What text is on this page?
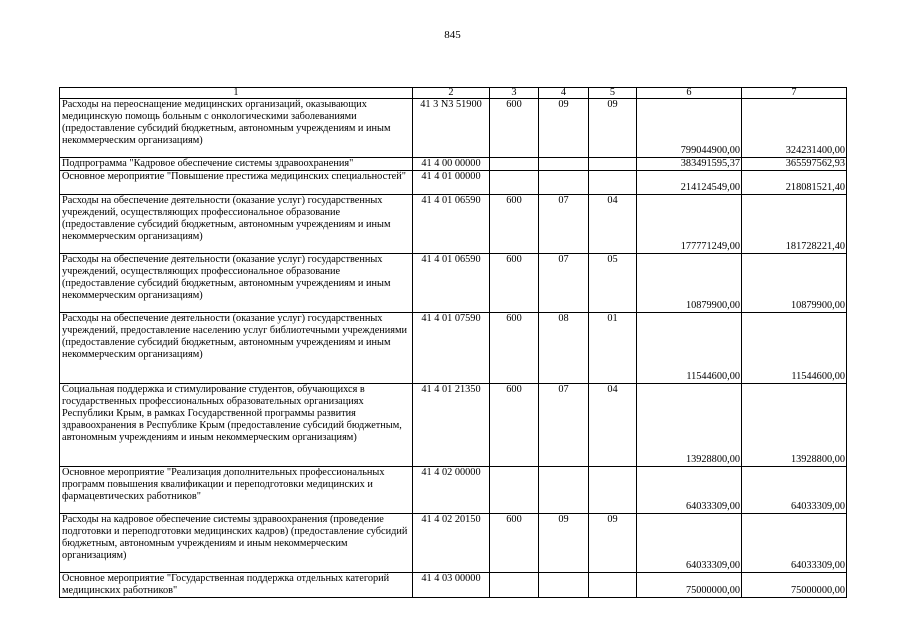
845
1	2	3	4	5	6	7
Расходы на переоснащение медицинских организаций, оказывающих медицинскую помощь больным с онкологическими заболеваниями (предоставление субсидий бюджетным, автономным учреждениям и иным некоммерческим организациям)	41 3 N3 51900	600	09	09	799044900,00	324231400,00
Подпрограмма "Кадровое обеспечение системы здравоохранения"	41 4 00 00000				383491595,37	365597562,93
Основное мероприятие "Повышение престижа медицинских специальностей"	41 4 01 00000				214124549,00	218081521,40
Расходы на обеспечение деятельности (оказание услуг) государственных учреждений, осуществляющих профессиональное образование (предоставление субсидий бюджетным, автономным учреждениям и иным некоммерческим организациям)	41 4 01 06590	600	07	04	177771249,00	181728221,40
Расходы на обеспечение деятельности (оказание услуг) государственных учреждений, осуществляющих профессиональное образование (предоставление субсидий бюджетным, автономным учреждениям и иным некоммерческим организациям)	41 4 01 06590	600	07	05	10879900,00	10879900,00
Расходы на обеспечение деятельности (оказание услуг) государственных учреждений, предоставление населению услуг библиотечными учреждениями (предоставление субсидий бюджетным, автономным учреждениям и иным некоммерческим организациям)	41 4 01 07590	600	08	01	11544600,00	11544600,00
Социальная поддержка и стимулирование студентов, обучающихся в государственных профессиональных образовательных организациях Республики Крым, в рамках Государственной программы развития здравоохранения в Республике Крым (предоставление субсидий бюджетным, автономным учреждениям и иным некоммерческим организациям)	41 4 01 21350	600	07	04	13928800,00	13928800,00
Основное мероприятие "Реализация дополнительных профессиональных программ повышения квалификации и переподготовки медицинских и фармацевтических работников"	41 4 02 00000				64033309,00	64033309,00
Расходы на кадровое обеспечение системы здравоохранения (проведение подготовки и переподготовки медицинских кадров) (предоставление субсидий бюджетным, автономным учреждениям и иным некоммерческим организациям)	41 4 02 20150	600	09	09	64033309,00	64033309,00
Основное мероприятие "Государственная поддержка отдельных категорий медицинских работников"	41 4 03 00000				75000000,00	75000000,00
